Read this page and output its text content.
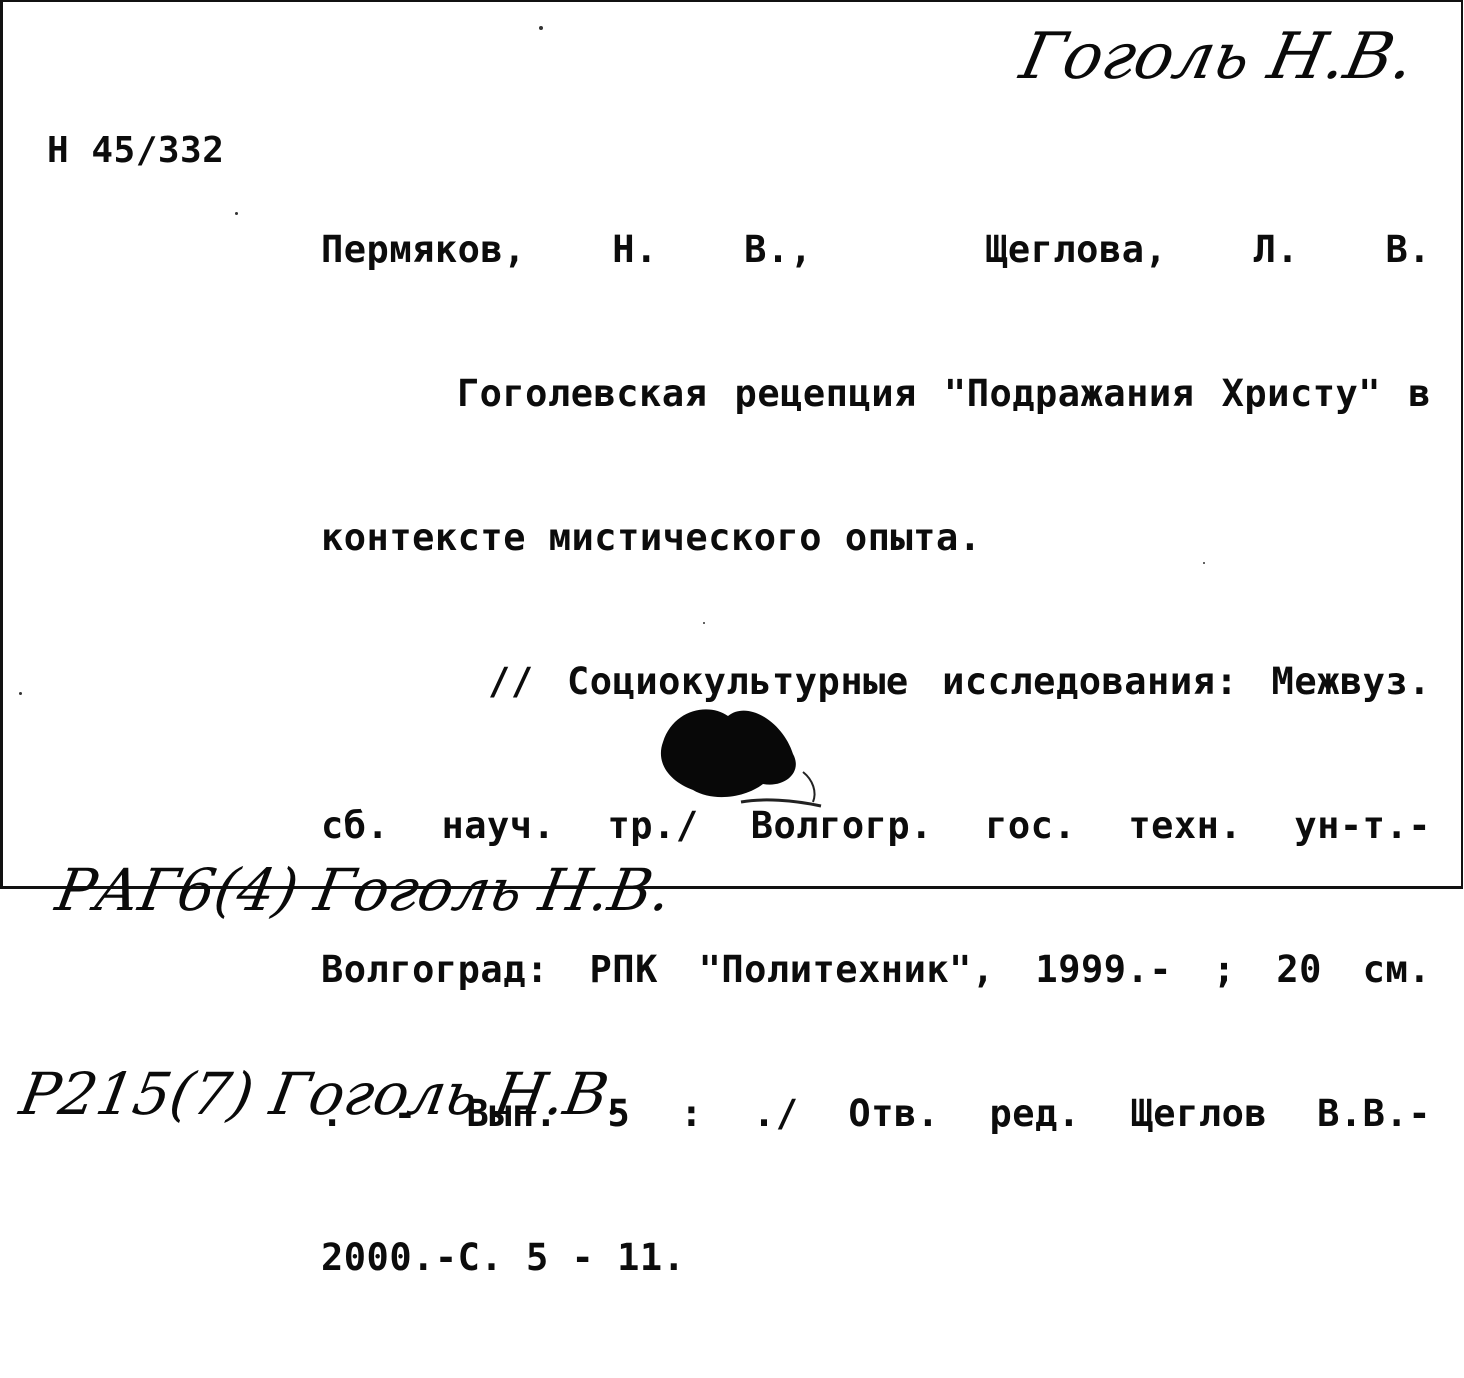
Гоголь Н.В.
Н 45/332

Пермяков, Н. В.,  Щеглова, Л. В.

Гоголевская рецепция "Подражания Христу" в

контексте мистического опыта.

// Социокультурные исследования: Межвуз.

сб. науч. тр./ Волгогр. гос. техн. ун-т.-

Волгоград: РПК "Политехник", 1999.- ; 20 см.

. - Вып. 5 : ./ Отв. ред. Щеглов В.В.-

2000.-С. 5 - 11.

РАГ6(4) Гоголь Н.В.

Р215(7) Гоголь Н.В.
